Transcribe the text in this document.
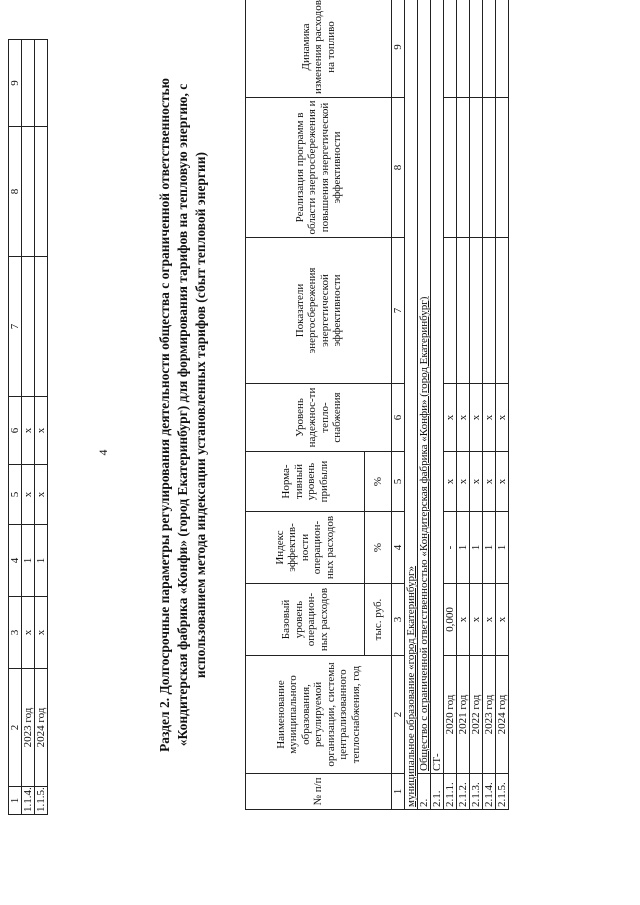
4
1	2	3	4	5	6	7	8	9
1.1.4.	2023 год	x	1	x	x			
1.1.5.	2024 год	x	1	x	x				Раздел 2. Долгосрочные параметры регулирования деятельности общества с ограниченной ответственностью «Кондитерская фабрика «Конфи» (город Екатеринбург) для формирования тарифов на тепловую энергию, с использованием метода индексации установленных тарифов (сбыт тепловой энергии)
№ п/п	Наименование муниципального образования, регулируемой организации, системы централизованного теплоснабжения, год	Базовый уровень операцион-ных расходов	Индекс эффектив-ности операцион-ных расходов	Норма-тивный уровень прибыли	Уровень надежнос-ти тепло-снабжения	Показатели энергосбережения энергетической эффективности	Реализация программ в области энергосбережения и повышения энергетической эффективности	Динамика изменения расходов на топливо
		тыс. руб.	%	%				
1	2	3	4	5	6	7	8	9
муниципальное образование «город Екатеринбург»								
2.	Общество с ограниченной ответственностью «Кондитерская фабрика «Конфи» (город Екатеринбург)							
2.1.	СТ-							
2.1.1.	2020 год	0,000	-	x	x			
2.1.2.	2021 год	x	1	x	x			
2.1.3.	2022 год	x	1	x	x			
2.1.4.	2023 год	x	1	x	x			
2.1.5.	2024 год	x	1	x	x			
